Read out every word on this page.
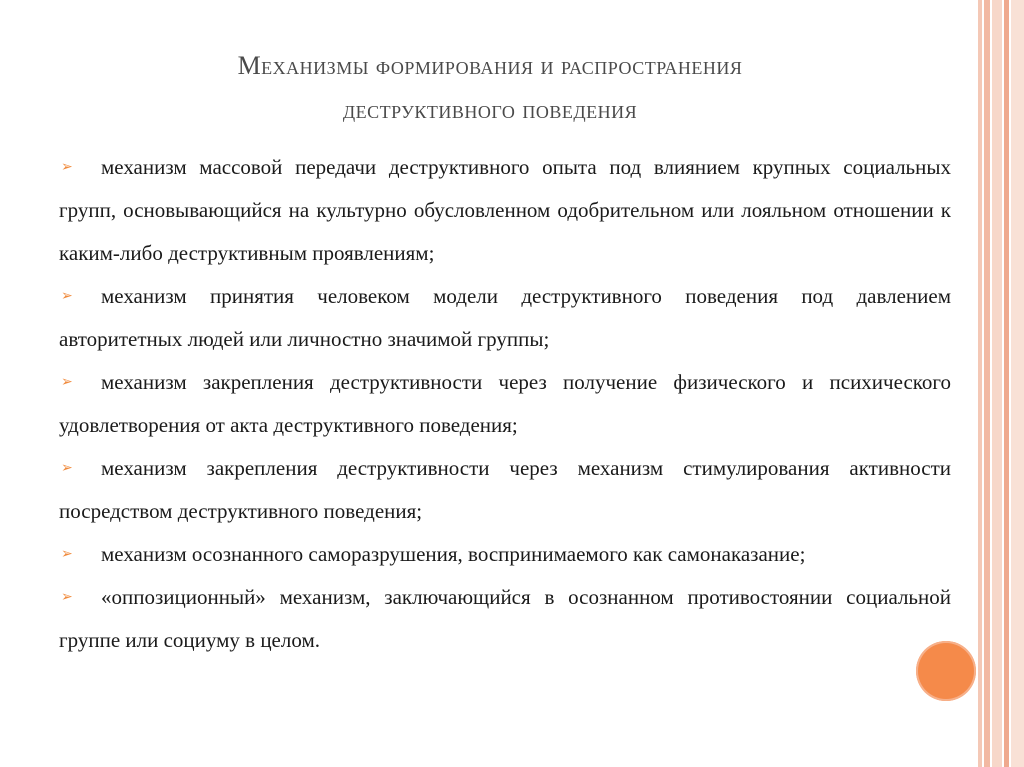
Механизмы формирования и распространения
деструктивного поведения

➢ механизм массовой передачи деструктивного опыта под влиянием крупных социальных групп, основывающийся на культурно обусловленном одобрительном или лояльном отношении к каким-либо деструктивным проявлениям;

➢ механизм принятия человеком модели деструктивного поведения под давлением авторитетных людей или личностно значимой группы;

➢ механизм закрепления деструктивности через получение физического и психического удовлетворения от акта деструктивного поведения;

➢ механизм закрепления деструктивности через механизм стимулирования активности посредством деструктивного поведения;

➢ механизм осознанного саморазрушения, воспринимаемого как самонаказание;

➢ «оппозиционный» механизм, заключающийся в осознанном противостоянии социальной группе или социуму в целом.
